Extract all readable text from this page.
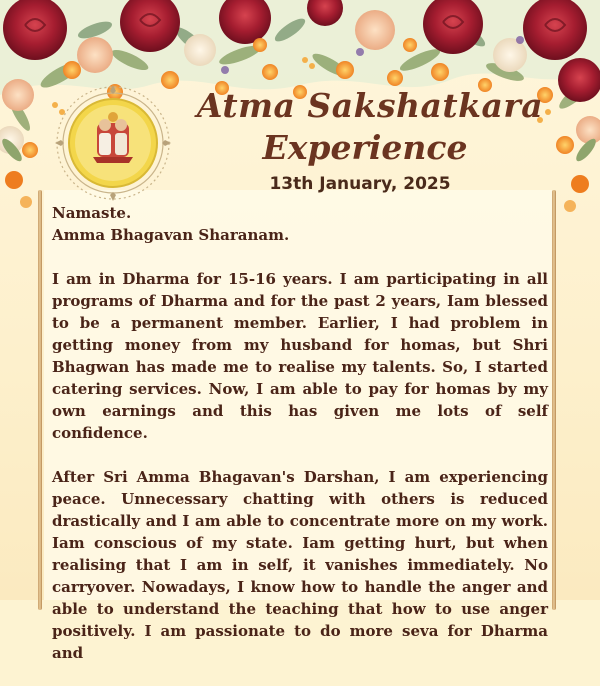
Atma Sakshatkara
Experience
13th January, 2025

Namaste.

Amma Bhagavan Sharanam.

I am in Dharma for 15-16 years. I am participating in all programs of Dharma and for the past 2 years, Iam blessed to be a permanent member. Earlier, I had problem in getting money from my husband for homas, but Shri Bhagwan has made me to realise my talents. So, I started catering services. Now, I am able to pay for homas by my own earnings and this has given me lots of self confidence.

After Sri Amma Bhagavan's Darshan, I am experiencing peace. Unnecessary chatting with others is reduced drastically and I am able to concentrate more on my work. Iam conscious of my state. Iam getting hurt, but when realising that I am in self, it vanishes immediately. No carryover. Nowadays, I know how to handle the anger and able to understand the teaching that how to use anger positively. I am passionate to do more seva for Dharma and
